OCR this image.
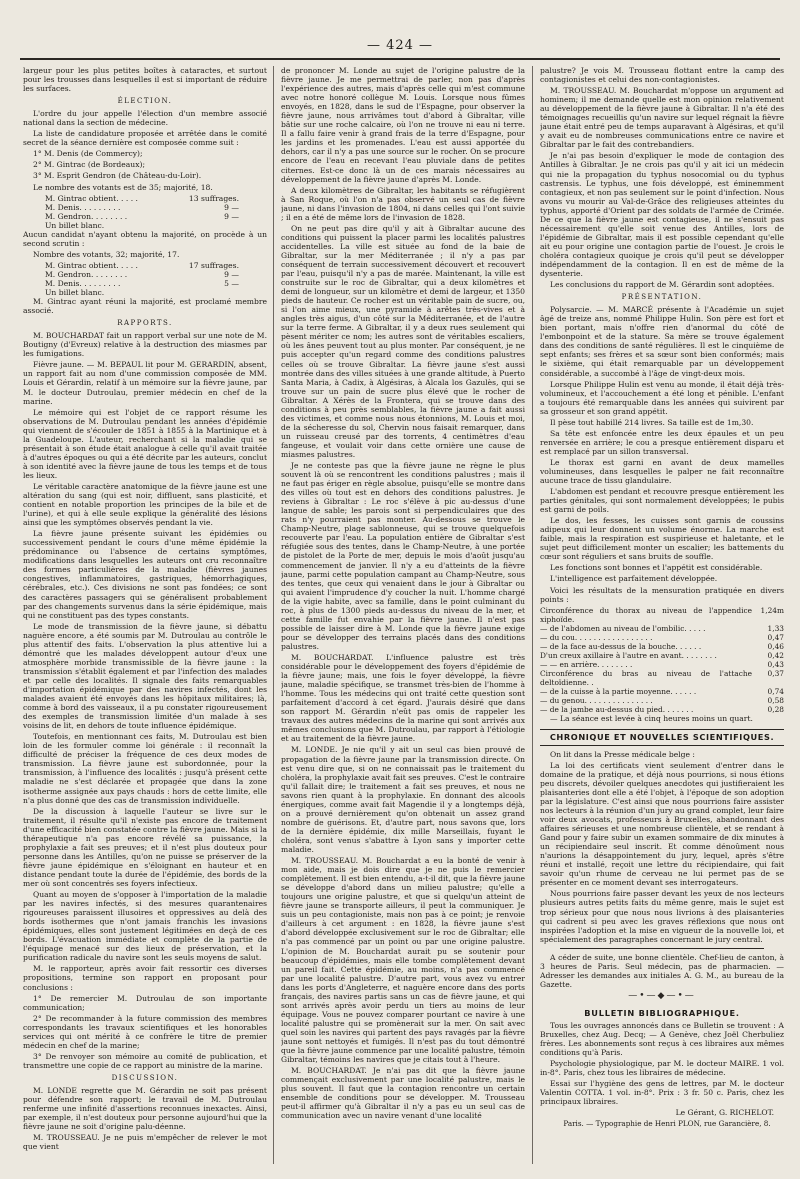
— 424 —

largeur pour les plus petites boîtes à cataractes, et surtout pour les trousses dans lesquelles il est si important de réduire les surfaces.

ÉLECTION.

L'ordre du jour appelle l'élection d'un membre associé national dans la section de médecine.

La liste de candidature proposée et arrêtée dans le comité secret de la séance dernière est composée comme suit :

1° M. Denis (de Commercy);

2° M. Gintrac (de Bordeaux);

3° M. Esprit Gendron (de Château-du-Loir).

Le nombre des votants est de 35; majorité, 18.

M. Gintrac obtient. . . . .	13 suffrages.
M. Denis. . . . . . . . .	9 —
M. Gendron. . . . . . . .	9 —
Un billet blanc.

Aucun candidat n'ayant obtenu la majorité, on procède à un second scrutin :

Nombre des votants, 32; majorité, 17.

M. Gintrac obtient. . . . .	17 suffrages.
M. Gendron. . . . . . . .	9 —
M. Denis. . . . . . . . .	5 —
Un billet blanc.

M. Gintrac ayant réuni la majorité, est proclamé membre associé.

RAPPORTS.

M. BOUCHARDAT fait un rapport verbal sur une note de M. Boutigny (d'Evreux) relative à la destruction des miasmes par les fumigations.

Fièvre jaune. — M. BEPAUL lit pour M. GERARDIN, absent, un rapport fait au nom d'une commission composée de MM. Louis et Gérardin, relatif à un mémoire sur la fièvre jaune, par M. le docteur Dutroulau, premier médecin en chef de la marine.

Le mémoire qui est l'objet de ce rapport résume les observations de M. Dutroulau pendant les années d'épidémie qui viennent de s'écouler de 1851 à 1855 à la Martinique et à la Guadeloupe. L'auteur, recherchant si la maladie qui se présentait à son étude était analogue à celle qu'il avait traitée à d'autres époques ou qui a été décrite par les auteurs, conclut à son identité avec la fièvre jaune de tous les temps et de tous les lieux.

Le véritable caractère anatomique de la fièvre jaune est une altération du sang (qui est noir, diffluent, sans plasticité, et contient en notable proportion les principes de la bile et de l'urine), et qui à elle seule explique la généralité des lésions ainsi que les symptômes observés pendant la vie.

La fièvre jaune présente suivant les épidémies ou successivement pendant le cours d'une même épidémie la prédominance ou l'absence de certains symptômes, modifications dans lesquelles les auteurs ont cru reconnaître des formes particulières de la maladie (fièvres jaunes congestives, inflammatoires, gastriques, hémorrhagiques, cérébrales, etc.). Ces divisions ne sont pas fondées; ce sont des caractères passagers qui se généralisent probablement par des changements survenus dans la série épidémique, mais qui ne constituent pas des types constants.

Le mode de transmission de la fièvre jaune, si débattu naguère encore, a été soumis par M. Dutroulau au contrôle le plus attentif des faits. L'observation la plus attentive lui a démontré que les malades développent autour d'eux une atmosphère morbide transmissible de la fièvre jaune : la transmission s'établit également et par l'infection des malades et par celle des localités. Il signale des faits remarquables d'importation épidémique par des navires infectés, dont les malades avaient été envoyés dans les hôpitaux militaires; là, comme à bord des vaisseaux, il a pu constater rigoureusement des exemples de transmission limitée d'un malade à ses voisins de lit, en dehors de toute influence épidémique.

Toutefois, en mentionnant ces faits, M. Dutroulau est bien loin de les formuler comme loi générale : il reconnaît la difficulté de préciser la fréquence de ces deux modes de transmission. La fièvre jaune est subordonnée, pour la transmission, à l'influence des localités : jusqu'à présent cette maladie ne s'est déclarée et propagée que dans la zone isotherme assignée aux pays chauds : hors de cette limite, elle n'a plus donné que des cas de transmission individuelle.

De la discussion à laquelle l'auteur se livre sur le traitement, il résulte qu'il n'existe pas encore de traitement d'une efficacité bien constatée contre la fièvre jaune. Mais si la thérapeutique n'a pas encore révélé sa puissance, la prophylaxie a fait ses preuves; et il n'est plus douteux pour personne dans les Antilles, qu'on ne puisse se préserver de la fièvre jaune épidémique en s'éloignant en hauteur et en distance pendant toute la durée de l'épidémie, des bords de la mer où sont concentrés ses foyers infectieux.

Quant au moyen de s'opposer à l'importation de la maladie par les navires infectés, si des mesures quarantenaires rigoureuses paraissent illusoires et oppressives au delà des bords isothermes que n'ont jamais franchis les invasions épidémiques, elles sont justement légitimées en deçà de ces bords. L'évacuation immédiate et complète de la partie de l'équipage menacé sur des lieux de préservation, et la purification radicale du navire sont les seuls moyens de salut.

M. le rapporteur, après avoir fait ressortir ces diverses propositions, termine son rapport en proposant pour conclusions :

1° De remercier M. Dutroulau de son importante communication;

2° De recommander à la future commission des membres correspondants les travaux scientifiques et les honorables services qui ont mérité à ce confrère le titre de premier médecin en chef de la marine;

3° De renvoyer son mémoire au comité de publication, et transmettre une copie de ce rapport au ministre de la marine.

DISCUSSION.

M. LONDE regrette que M. Gérardin ne soit pas présent pour défendre son rapport; le travail de M. Dutroulau renferme une infinité d'assertions reconnues inexactes. Ainsi, par exemple, il n'est douteux pour personne aujourd'hui que la fièvre jaune ne soit d'origine palu-déenne.

M. TROUSSEAU. Je ne puis m'empêcher de relever le mot que vient

de prononcer M. Londe au sujet de l'origine palustre de la fièvre jaune. Je me permettrai de parler, non pas d'après l'expérience des autres, mais d'après celle qui m'est commune avec notre honoré collègue M. Louis. Lorsque nous fûmes envoyés, en 1828, dans le sud de l'Espagne, pour observer la fièvre jaune, nous arrivâmes tout d'abord à Gibraltar, ville bâtie sur une roche calcaire, où l'on ne trouve ni eau ni terre. Il a fallu faire venir à grand frais de la terre d'Espagne, pour les jardins et les promenades. L'eau est aussi apportée du dehors, car il n'y a pas une source sur le rocher. On se procure encore de l'eau en recevant l'eau pluviale dans de petites citernes. Est-ce donc là un de ces marais nécessaires au développement de la fièvre jaune d'après M. Londe.

A deux kilomètres de Gibraltar, les habitants se réfugièrent à San Roque, où l'on n'a pas observé un seul cas de fièvre jaune, ni dans l'invasion de 1804, ni dans celles qui l'ont suivie ; il en a été de même lors de l'invasion de 1828.

On ne peut pas dire qu'il y ait à Gibraltar aucune des conditions qui puissent la placer parmi les localités palustres accidentelles. La ville est située au fond de la baie de Gibraltar, sur la mer Méditerranée ; il n'y a pas par conséquent de terrain successivement découvert et recouvert par l'eau, puisqu'il n'y a pas de marée. Maintenant, la ville est construite sur le roc de Gibraltar, qui a deux kilomètres et demi de longueur, sur un kilomètre et demi de largeur, et 1350 pieds de hauteur. Ce rocher est un véritable pain de sucre, ou, si l'on aime mieux, une pyramide à arêtes très-vives et à angles très aigus, d'un côté sur la Méditerranée, et de l'autre sur la terre ferme. A Gibraltar, il y a deux rues seulement qui pèsent mériter ce nom; les autres sont de véritables escaliers, où les ânes peuvent tout au plus monter. Par conséquent, je ne puis accepter qu'un regard comme des conditions palustres celles où se trouve Gibraltar. La fièvre jaune s'est aussi montrée dans des villes situées à une grande altitude, à Puerto Santa Maria, à Cadix, à Algésiras, à Alcala los Gazulès, qui se trouve sur un pain de sucre plus élevé que le rocher de Gibraltar. A Xérès de la Frontera, qui se trouve dans des conditions à peu près semblables, la fièvre jaune a fait aussi des victimes, et comme nous nous étonnions, M. Louis et moi, de la sécheresse du sol, Chervin nous faisait remarquer, dans un ruisseau creusé par des torrents, 4 centimètres d'eau fangeuse, et voulait voir dans cette ornière une cause de miasmes palustres.

Je ne conteste pas que la fièvre jaune ne règne le plus souvent là où se rencontrent les conditions palustres ; mais il ne faut pas ériger en règle absolue, puisqu'elle se montre dans des villes où tout est en dehors des conditions palustres. Je reviens à Gibraltar : Le roc s'élève à pic au-dessus d'une langue de sable; les parois sont si perpendiculaires que des rats n'y pourraient pas monter. Au-dessous se trouve le Champ-Neutre, plage sablonneuse, qui se trouve quelquefois recouverte par l'eau. La population entière de Gibraltar s'est réfugiée sous des tentes, dans le Champ-Neutre, à une portée de pistolet de la Porte de mer, depuis le mois d'août jusqu'au commencement de janvier. Il n'y a eu d'atteints de la fièvre jaune, parmi cette population campant au Champ-Neutre, sous des tentes, que ceux qui venaient dans le jour à Gibraltar ou qui avaient l'imprudence d'y coucher la nuit. L'homme chargé de la vigie habite, avec sa famille, dans le point culminant du roc, à plus de 1300 pieds au-dessus du niveau de la mer, et cette famille fut envahie par la fièvre jaune. Il n'est pas possible de laisser dire à M. Londe que la fièvre jaune exige pour se développer des terrains placés dans des conditions palustres.

M. BOUCHARDAT. L'influence palustre est très considérable pour le développement des foyers d'épidémie de la fièvre jaune; mais, une fois le foyer développé, la fièvre jaune, maladie spécifique, se transmet très-bien de l'homme à l'homme. Tous les médecins qui ont traité cette question sont parfaitement d'accord à cet égard. J'aurais désiré que dans son rapport M. Gérardin n'eût pas omis de rappeler les travaux des autres médecins de la marine qui sont arrivés aux mêmes conclusions que M. Dutroulau, par rapport à l'étiologie et au traitement de la fièvre jaune.

M. LONDE. Je nie qu'il y ait un seul cas bien prouvé de propagation de la fièvre jaune par la transmission directe. On est venu dire que, si on ne connaissait pas le traitement du choléra, la prophylaxie avait fait ses preuves. C'est le contraire qu'il fallait dire; le traitement a fait ses preuves, et nous ne savons rien quant à la prophylaxie. En donnant des alcools énergiques, comme avait fait Magendie il y a longtemps déjà, on a prouvé dernièrement qu'on obtenait un assez grand nombre de guérisons. Et, d'autre part, nous savons que, lors de la dernière épidémie, dix mille Marseillais, fuyant le choléra, sont venus s'abattre à Lyon sans y importer cette maladie.

M. TROUSSEAU. M. Bouchardat a eu la bonté de venir à mon aide, mais je dois dire que je ne puis le remercier complètement. Il est bien entendu, a-t-il dit, que la fièvre jaune se développe d'abord dans un milieu palustre; qu'elle a toujours une origine palustre, et que si quelqu'un atteint de fièvre jaune se transporte ailleurs, il peut la communiquer. Je suis un peu contagioniste, mais non pas à ce point; je renvoie d'ailleurs à cet argument : en 1828, la fièvre jaune s'est d'abord développée exclusivement sur le roc de Gibraltar; elle n'a pas commencé par un point ou par une origine palustre. L'opinion de M. Bouchardat aurait pu se soutenir pour beaucoup d'épidémies, mais elle tombe complètement devant un pareil fait. Cette épidémie, au moins, n'a pas commencé par une localité palustre. D'autre part, vous avez vu entrer dans les ports d'Angleterre, et naguère encore dans des ports français, des navires partis sans un cas de fièvre jaune, et qui sont arrivés après avoir perdu un tiers au moins de leur équipage. Vous ne pouvez comparer pourtant ce navire à une localité palustre qui se promènerait sur la mer. On sait avec quel soin les navires qui partent des pays ravagés par la fièvre jaune sont nettoyés et fumigés. Il n'est pas du tout démontré que la fièvre jaune commence par une localité palustre, témoin Gibraltar, témoins les navires que je citais tout à l'heure.

M. BOUCHARDAT. Je n'ai pas dit que la fièvre jaune commençait exclusivement par une localité palustre, mais le plus souvent. Il faut que la contagion rencontre un certain ensemble de conditions pour se développer. M. Trousseau peut-il affirmer qu'à Gibraltar il n'y a pas eu un seul cas de communication avec un navire venant d'une localité

palustre? Je vois M. Trousseau flottant entre la camp des contagionistes et celui des non-contagionistes.

M. TROUSSEAU. M. Bouchardat m'oppose un argument ad hominem; il me demande quelle est mon opinion relativement au développement de la fièvre jaune à Gibraltar. Il n'a été des témoignages recueillis qu'un navire sur lequel régnait la fièvre jaune était entré peu de temps auparavant à Algésiras, et qu'il y avait eu de nombreuses communications entre ce navire et Gibraltar par le fait des contrebandiers.

Je n'ai pas besoin d'expliquer le mode de contagion des Antilles à Gibraltar. Je ne crois pas qu'il y ait ici un médecin qui nie la propagation du typhus nosocomial ou du typhus castrensis. Le typhus, une fois développé, est éminemment contagieux, et non pas seulement sur le point d'infection. Nous avons vu mourir au Val-de-Grâce des religieuses atteintes du typhus, apporté d'Orient par des soldats de l'armée de Crimée. De ce que la fièvre jaune est contagieuse, il ne s'ensuit pas nécessairement qu'elle soit venue des Antilles, lors de l'épidémie de Gibraltar, mais il est possible cependant qu'elle ait eu pour origine une contagion partie de l'ouest. Je crois le choléra contagieux quoique je crois qu'il peut se développer indépendamment de la contagion. Il en est de même de la dysenterie.

Les conclusions du rapport de M. Gérardin sont adoptées.

PRÉSENTATION.

Polysarcie. — M. MARCÉ présente à l'Académie un sujet âgé de treize ans, nommé Philippe Hulin. Son père est fort et bien portant, mais n'offre rien d'anormal du côté de l'embonpoint et de la stature. Sa mère se trouve également dans des conditions de santé régulières. Il est le cinquième de sept enfants; ses frères et sa sœur sont bien conformés; mais le sixième, qui était remarquable par un développement considérable, a succombé à l'âge de vingt-deux mois.

Lorsque Philippe Hulin est venu au monde, il était déjà très-volumineux, et l'accouchement a été long et pénible. L'enfant a toujours été remarquable dans les années qui suivirent par sa grosseur et son grand appétit.

Il pèse tout habillé 214 livres. Sa taille est de 1m,30.

Sa tête est enfoncée entre les deux épaules et un peu renversée en arrière; le cou a presque entièrement disparu et est remplacé par un sillon transversal.

Le thorax est garni en avant de deux mamelles volumineuses, dans lesquelles le palper ne fait reconnaître aucune trace de tissu glandulaire.

L'abdomen est pendant et recouvre presque entièrement les parties génitales, qui sont normalement développées; le pubis est garni de poils.

Le dos, les fesses, les cuisses sont garnis de coussins adipeux qui leur donnent un volume énorme. La marche est faible, mais la respiration est suspirieuse et haletante, et le sujet peut difficilement monter un escalier; les battements du cœur sont réguliers et sans bruits de souffle.

Les fonctions sont bonnes et l'appétit est considérable.

L'intelligence est parfaitement développée.

Voici les résultats de la mensuration pratiquée en divers points :

Circonférence du thorax au niveau de l'appendice xiphoïde.	1,24m
— de l'abdomen au niveau de l'ombilic. . . . .	1,33
— du cou. . . . . . . . . . . . . . . . .	0,47
— de la face au-dessus de la bouche. . . . . .	0,46
D'un creux axillaire à l'autre en avant. . . . . . . .	0,42
— — en arrière. . . . . . . .	0,43
Circonférence du bras au niveau de l'attache deltoïdienne. .	0,37
— de la cuisse à la partie moyenne. . . . . .	0,74
— du genou. . . . . . . . . . . . . . .	0,58
— de la jambe au-dessus du pied. . . . . . .	0,28

— La séance est levée à cinq heures moins un quart.

CHRONIQUE ET NOUVELLES SCIENTIFIQUES.

On lit dans la Presse médicale belge :

La loi des certificats vient seulement d'entrer dans le domaine de la pratique, et déjà nous pourrions, si nous étions peu discrets, dévoiler quelques anecdotes qui justifieraient les plaisanteries dont elle a été l'objet, à l'époque de son adoption par la législature. C'est ainsi que nous pourrions faire assister nos lecteurs à la réunion d'un jury au grand complet, leur faire voir deux avocats, professeurs à Bruxelles, abandonnant des affaires sérieuses et une nombreuse clientèle, et se rendant à Gand pour y faire subir un examen sommaire de dix minutes à un récipiendaire seul inscrit. Et comme dénoûment nous n'aurions la désappointement du jury, lequel, après s'être réuni et installé, reçoit une lettre du récipiendaire, qui fait savoir qu'un rhume de cerveau ne lui permet pas de se présenter en ce moment devant ses interrogateurs.

Nous pourrions faire passer devant les yeux de nos lecteurs plusieurs autres petits faits du même genre, mais le sujet est trop sérieux pour que nous nous livrions à des plaisanteries qui cadrent si peu avec les graves réflexions que nous ont inspirées l'adoption et la mise en vigueur de la nouvelle loi, et spécialement des paragraphes concernant le jury central.

A céder de suite, une bonne clientèle. Chef-lieu de canton, à 3 heures de Paris. Seul médecin, pas de pharmacien. — Adresser les demandes aux initiales A. G. M., au bureau de la Gazette.

—•—◆—•—
BULLETIN BIBLIOGRAPHIQUE.

Tous les ouvrages annoncés dans ce Bulletin se trouvent : A Bruxelles, chez Aug. Decq; — A Genève, chez Joël Cherbuliez frères. Les abonnements sont reçus à ces libraires aux mêmes conditions qu'à Paris.

Psychologie physiologique, par M. le docteur MAIRE. 1 vol. in-8°. Paris, chez tous les libraires de médecine.

Essai sur l'hygiène des gens de lettres, par M. le docteur Valentin COTTA. 1 vol. in-8°. Prix : 3 fr. 50 c. Paris, chez les principaux libraires.

Le Gérant, G. RICHELOT.

Paris. — Typographie de Henri PLON, rue Garancière, 8.
